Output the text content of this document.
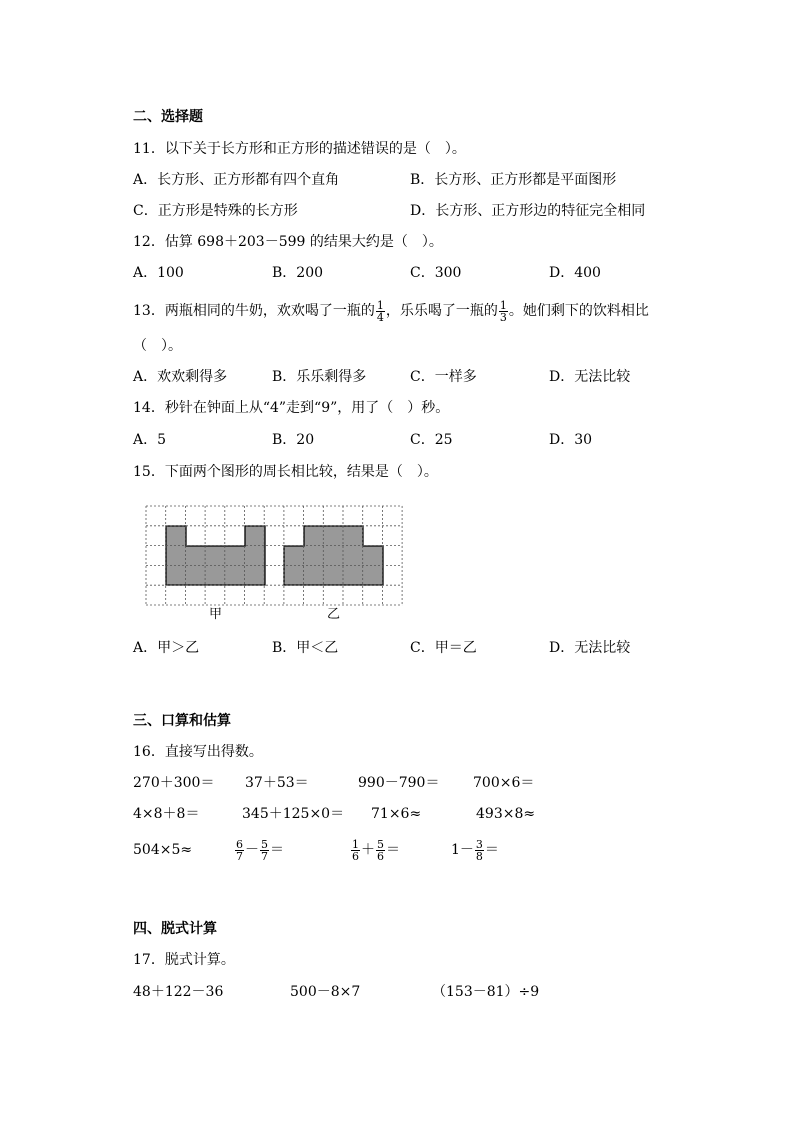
二、选择题
11．以下关于长方形和正方形的描述错误的是（　）。
A．长方形、正方形都有四个直角	B．长方形、正方形都是平面图形
C．正方形是特殊的长方形	D．长方形、正方形边的特征完全相同
12．估算 698＋203－599 的结果大约是（　）。
A．100	B．200	C．300	D．400
13．两瓶相同的牛奶，欢欢喝了一瓶的 $\frac{1}{4}$ ，乐乐喝了一瓶的 $\frac{1}{3}$ 。她们剩下的饮料相比
（　）。
A．欢欢剩得多	B．乐乐剩得多	C．一样多	D．无法比较
14．秒针在钟面上从“4”走到“9”，用了（　）秒。
A．5	B．20	C．25	D．30
15．下面两个图形的周长相比较，结果是（　）。
甲	乙
A．甲＞乙	B．甲＜乙	C．甲＝乙	D．无法比较
三、口算和估算
16．直接写出得数。
270＋300＝ 37＋53＝	990－790＝ 700×6＝
4×8＋8＝	345＋125×0＝ 71×6≈	493×8≈
504×5≈	$\frac{6}{7} - \frac{5}{7}$ ＝	$\frac{1}{6} + \frac{5}{6}$ ＝	$1- \frac{3}{8}$ ＝
四、脱式计算
17．脱式计算。
48＋122－36	500－8×7	（153－81）÷9
